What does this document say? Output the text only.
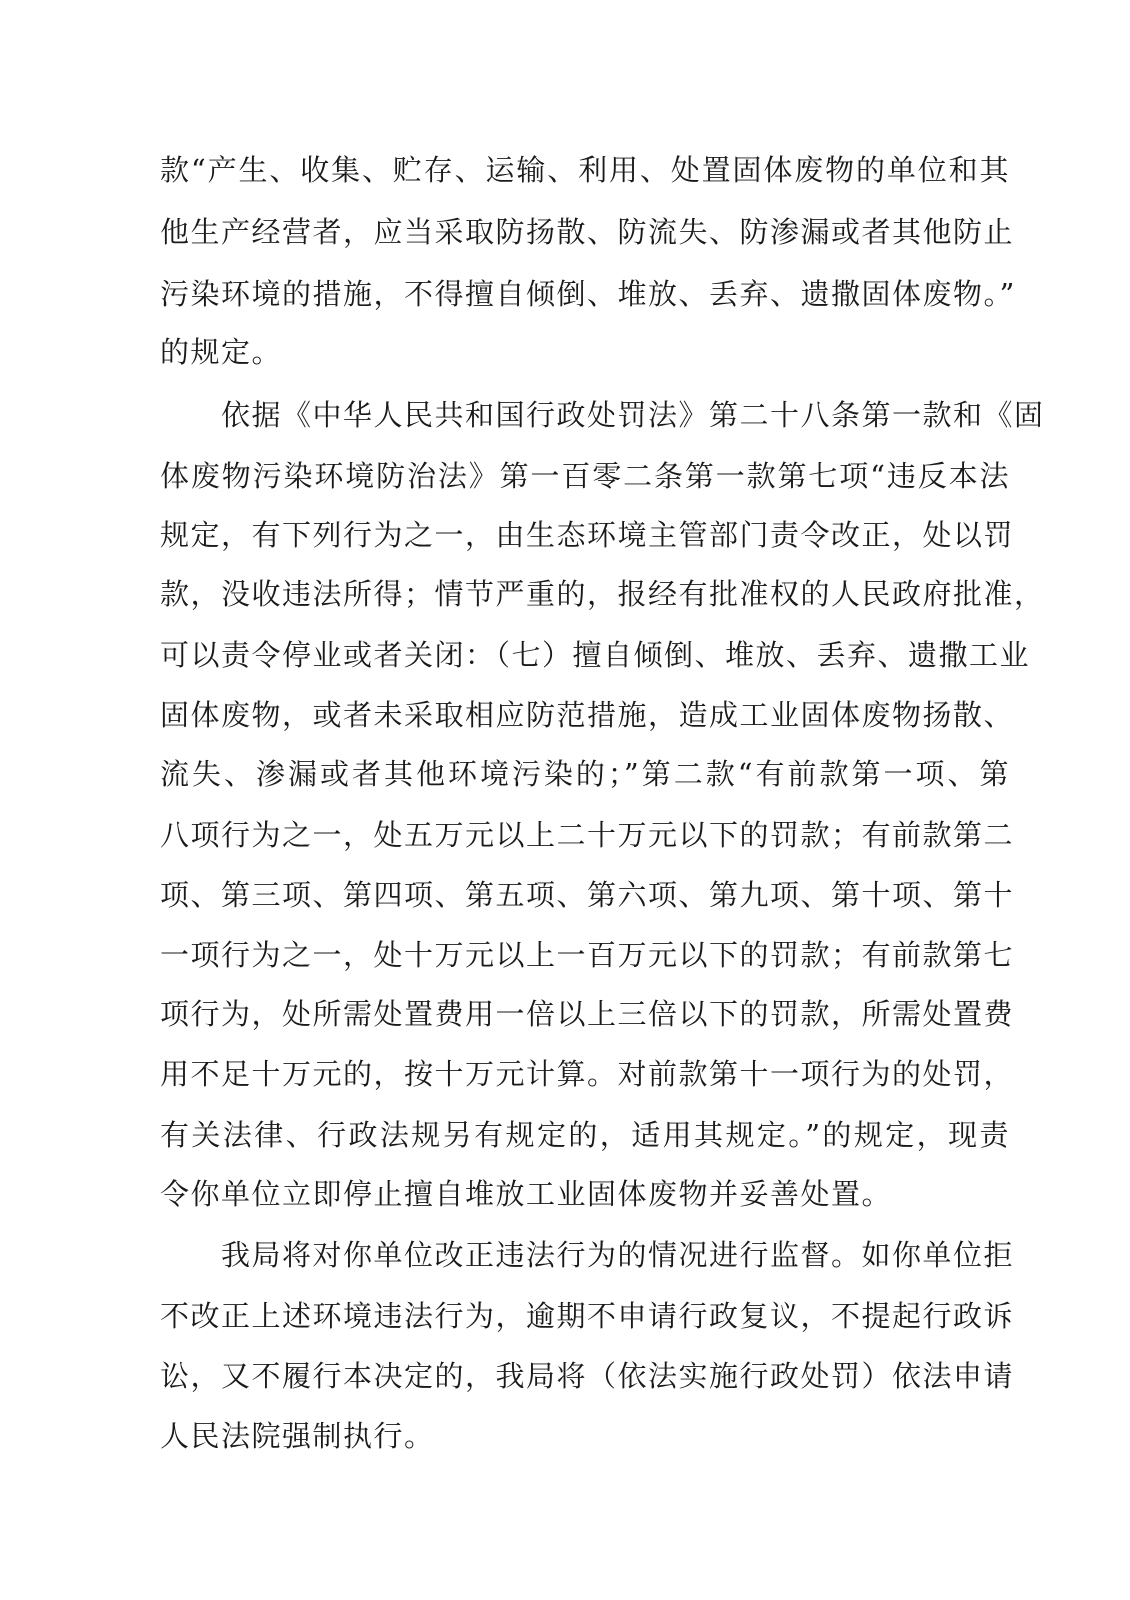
款“产生、收集、贮存、运输、利用、处置固体废物的单位和其
他生产经营者，应当采取防扬散、防流失、防渗漏或者其他防止
污染环境的措施，不得擅自倾倒、堆放、丢弃、遗撒固体废物。”
的规定。
　　依据《中华人民共和国行政处罚法》第二十八条第一款和《固
体废物污染环境防治法》第一百零二条第一款第七项“违反本法
规定，有下列行为之一，由生态环境主管部门责令改正，处以罚
款，没收违法所得；情节严重的，报经有批准权的人民政府批准，
可以责令停业或者关闭：（七）擅自倾倒、堆放、丢弃、遗撒工业
固体废物，或者未采取相应防范措施，造成工业固体废物扬散、
流失、渗漏或者其他环境污染的；”第二款“有前款第一项、第
八项行为之一，处五万元以上二十万元以下的罚款；有前款第二
项、第三项、第四项、第五项、第六项、第九项、第十项、第十
一项行为之一，处十万元以上一百万元以下的罚款；有前款第七
项行为，处所需处置费用一倍以上三倍以下的罚款，所需处置费
用不足十万元的，按十万元计算。对前款第十一项行为的处罚，
有关法律、行政法规另有规定的，适用其规定。”的规定，现责
令你单位立即停止擅自堆放工业固体废物并妥善处置。
　　我局将对你单位改正违法行为的情况进行监督。如你单位拒
不改正上述环境违法行为，逾期不申请行政复议，不提起行政诉
讼，又不履行本决定的，我局将（依法实施行政处罚）依法申请
人民法院强制执行。
